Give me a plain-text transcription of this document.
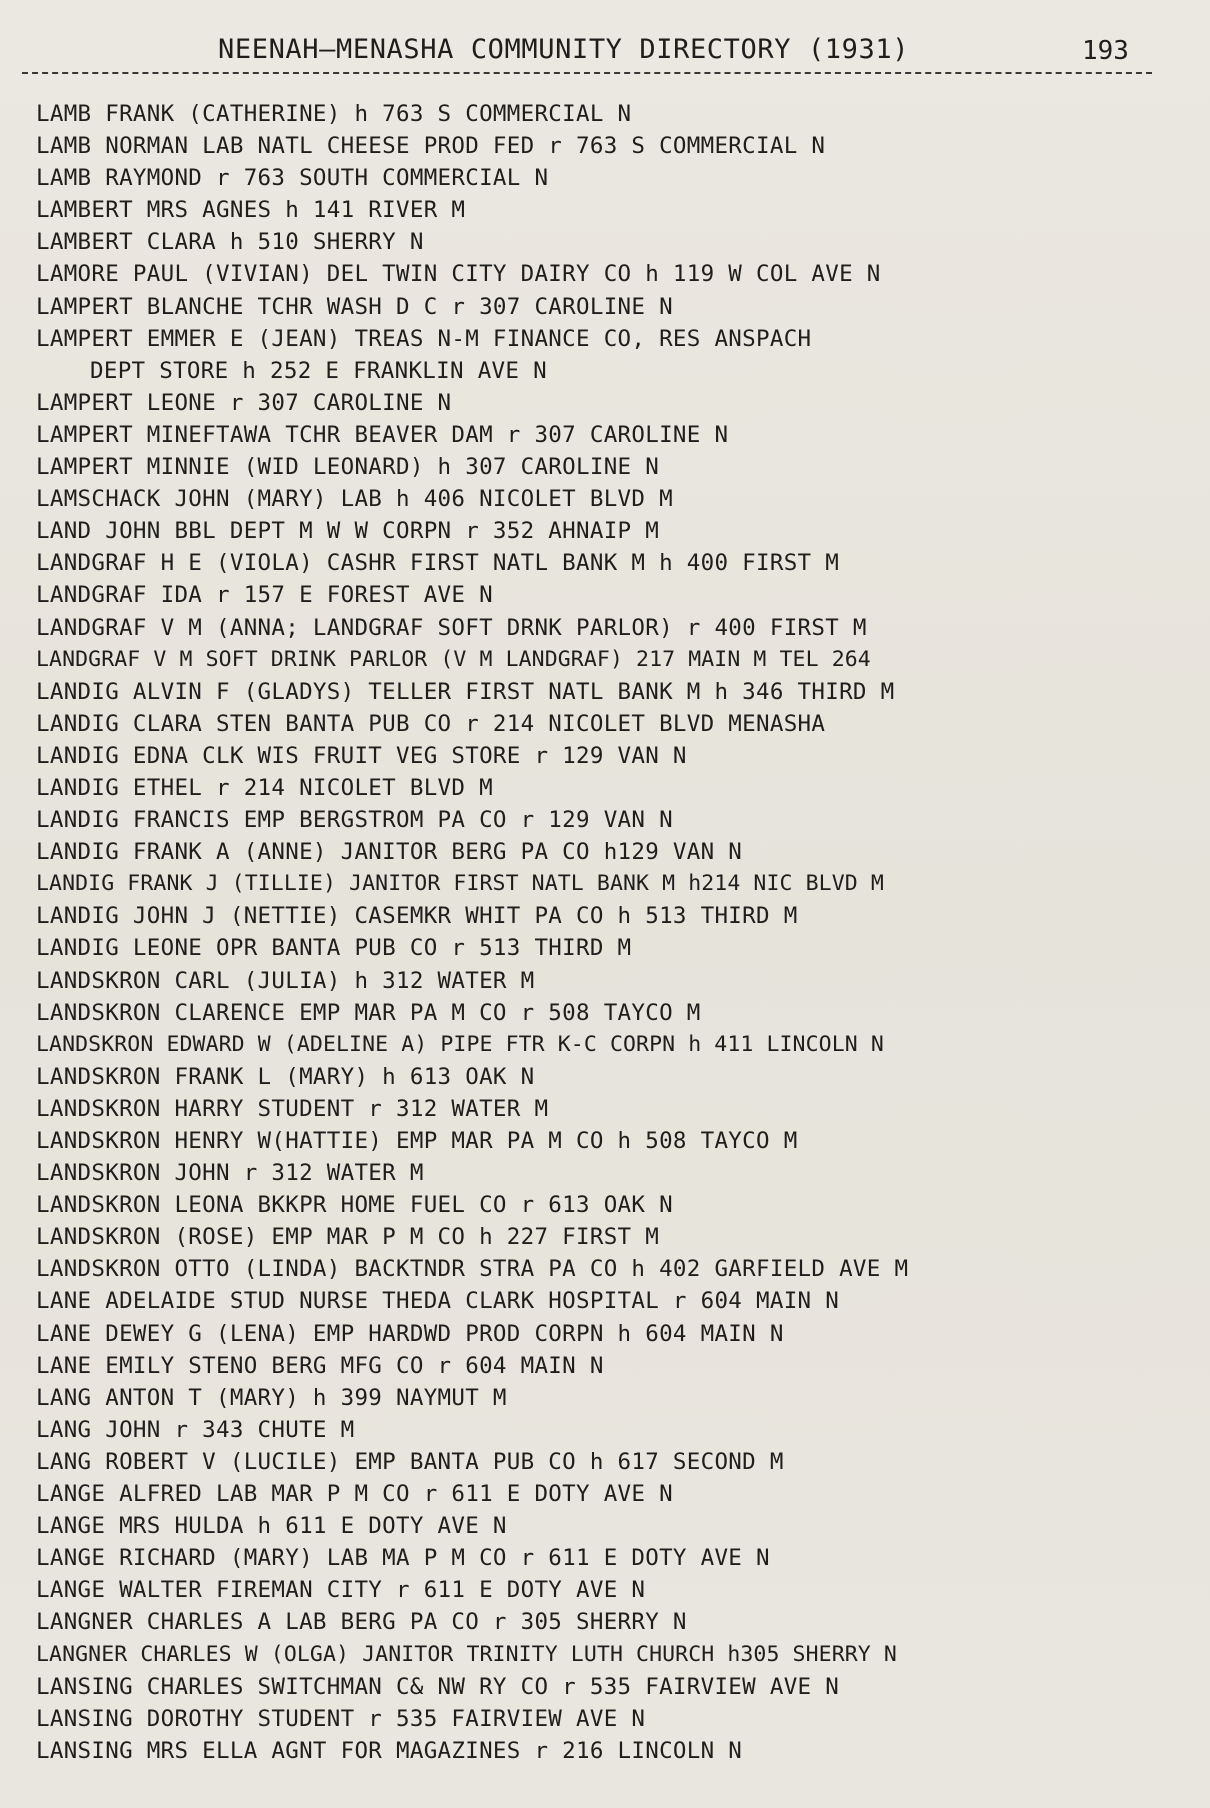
NEENAH—MENASHA COMMUNITY DIRECTORY (1931)	193
LAMB FRANK (CATHERINE) h 763 S COMMERCIAL N
LAMB NORMAN LAB NATL CHEESE PROD FED r 763 S COMMERCIAL N
LAMB RAYMOND r 763 SOUTH COMMERCIAL N
LAMBERT MRS AGNES h 141 RIVER M
LAMBERT CLARA h 510 SHERRY N
LAMORE PAUL (VIVIAN) DEL TWIN CITY DAIRY CO h 119 W COL AVE N
LAMPERT BLANCHE TCHR WASH D C r 307 CAROLINE N
LAMPERT EMMER E (JEAN) TREAS N-M FINANCE CO, RES ANSPACH
DEPT STORE h 252 E FRANKLIN AVE N
LAMPERT LEONE r 307 CAROLINE N
LAMPERT MINEFTAWA TCHR BEAVER DAM r 307 CAROLINE N
LAMPERT MINNIE (WID LEONARD) h 307 CAROLINE N
LAMSCHACK JOHN (MARY) LAB h 406 NICOLET BLVD M
LAND JOHN BBL DEPT M W W CORPN r 352 AHNAIP M
LANDGRAF H E (VIOLA) CASHR FIRST NATL BANK M h 400 FIRST M
LANDGRAF IDA r 157 E FOREST AVE N
LANDGRAF V M (ANNA; LANDGRAF SOFT DRNK PARLOR) r 400 FIRST M
LANDGRAF V M SOFT DRINK PARLOR (V M LANDGRAF) 217 MAIN M TEL 264
LANDIG ALVIN F (GLADYS) TELLER FIRST NATL BANK M h 346 THIRD M
LANDIG CLARA STEN BANTA PUB CO r 214 NICOLET BLVD MENASHA
LANDIG EDNA CLK WIS FRUIT VEG STORE r 129 VAN N
LANDIG ETHEL r 214 NICOLET BLVD M
LANDIG FRANCIS EMP BERGSTROM PA CO r 129 VAN N
LANDIG FRANK A (ANNE) JANITOR BERG PA CO h129 VAN N
LANDIG FRANK J (TILLIE) JANITOR FIRST NATL BANK M h214 NIC BLVD M
LANDIG JOHN J (NETTIE) CASEMKR WHIT PA CO h 513 THIRD M
LANDIG LEONE OPR BANTA PUB CO r 513 THIRD M
LANDSKRON CARL (JULIA) h 312 WATER M
LANDSKRON CLARENCE EMP MAR PA M CO r 508 TAYCO M
LANDSKRON EDWARD W (ADELINE A) PIPE FTR K-C CORPN h 411 LINCOLN N
LANDSKRON FRANK L (MARY) h 613 OAK N
LANDSKRON HARRY STUDENT r 312 WATER M
LANDSKRON HENRY W(HATTIE) EMP MAR PA M CO h 508 TAYCO M
LANDSKRON JOHN r 312 WATER M
LANDSKRON LEONA BKKPR HOME FUEL CO r 613 OAK N
LANDSKRON (ROSE) EMP MAR P M CO h 227 FIRST M
LANDSKRON OTTO (LINDA) BACKTNDR STRA PA CO h 402 GARFIELD AVE M
LANE ADELAIDE STUD NURSE THEDA CLARK HOSPITAL r 604 MAIN N
LANE DEWEY G (LENA) EMP HARDWD PROD CORPN h 604 MAIN N
LANE EMILY STENO BERG MFG CO r 604 MAIN N
LANG ANTON T (MARY) h 399 NAYMUT M
LANG JOHN r 343 CHUTE M
LANG ROBERT V (LUCILE) EMP BANTA PUB CO h 617 SECOND M
LANGE ALFRED LAB MAR P M CO r 611 E DOTY AVE N
LANGE MRS HULDA h 611 E DOTY AVE N
LANGE RICHARD (MARY) LAB MA P M CO r 611 E DOTY AVE N
LANGE WALTER FIREMAN CITY r 611 E DOTY AVE N
LANGNER CHARLES A LAB BERG PA CO r 305 SHERRY N
LANGNER CHARLES W (OLGA) JANITOR TRINITY LUTH CHURCH h305 SHERRY N
LANSING CHARLES SWITCHMAN C& NW RY CO r 535 FAIRVIEW AVE N
LANSING DOROTHY STUDENT r 535 FAIRVIEW AVE N
LANSING MRS ELLA AGNT FOR MAGAZINES r 216 LINCOLN N
